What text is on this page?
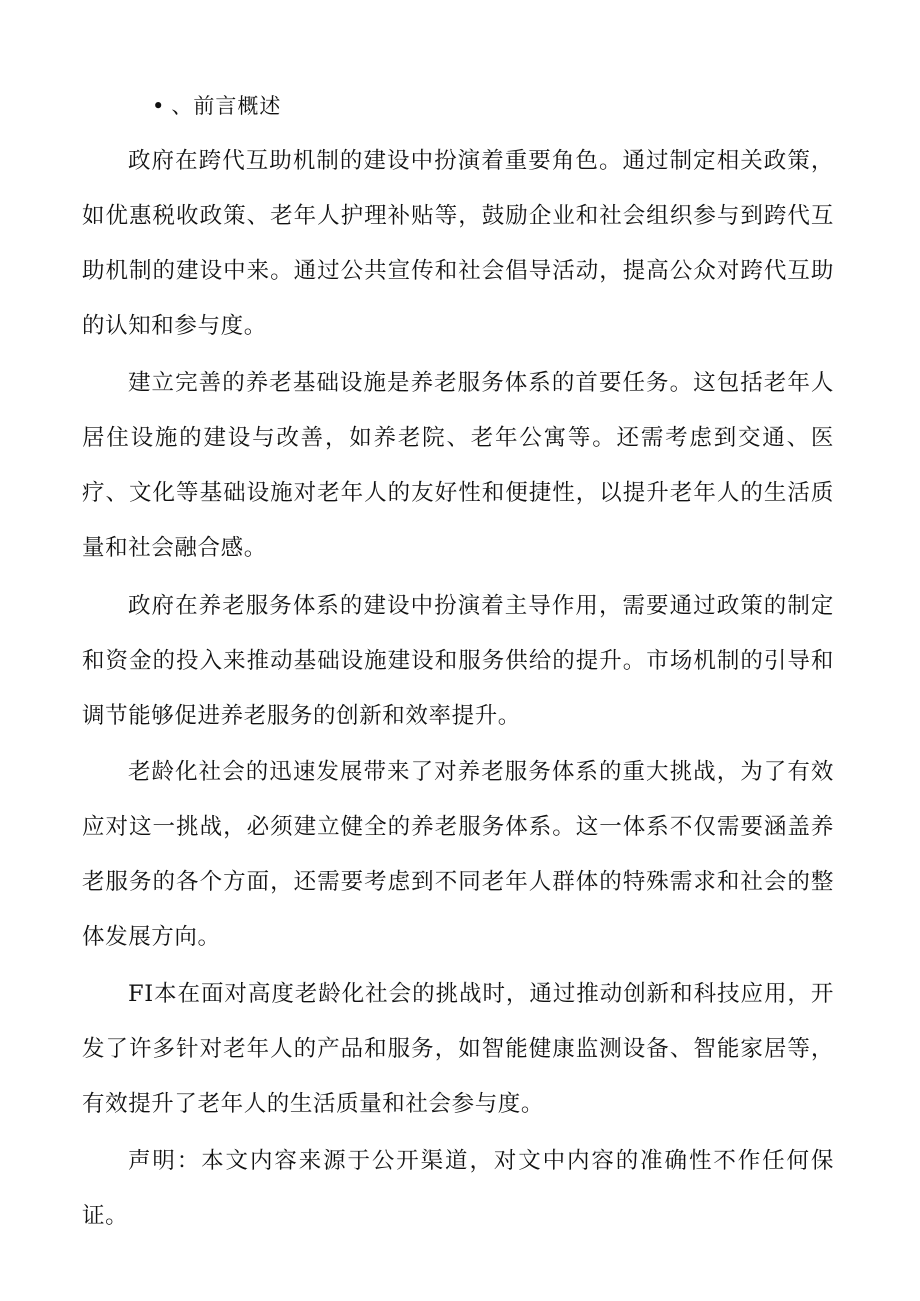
• 、前言概述

政府在跨代互助机制的建设中扮演着重要角色。通过制定相关政策，如优惠税收政策、老年人护理补贴等，鼓励企业和社会组织参与到跨代互助机制的建设中来。通过公共宣传和社会倡导活动，提高公众对跨代互助的认知和参与度。

建立完善的养老基础设施是养老服务体系的首要任务。这包括老年人居住设施的建设与改善，如养老院、老年公寓等。还需考虑到交通、医疗、文化等基础设施对老年人的友好性和便捷性，以提升老年人的生活质量和社会融合感。

政府在养老服务体系的建设中扮演着主导作用，需要通过政策的制定和资金的投入来推动基础设施建设和服务供给的提升。市场机制的引导和调节能够促进养老服务的创新和效率提升。

老龄化社会的迅速发展带来了对养老服务体系的重大挑战，为了有效应对这一挑战，必须建立健全的养老服务体系。这一体系不仅需要涵盖养老服务的各个方面，还需要考虑到不同老年人群体的特殊需求和社会的整体发展方向。

FI本在面对高度老龄化社会的挑战时，通过推动创新和科技应用，开发了许多针对老年人的产品和服务，如智能健康监测设备、智能家居等，有效提升了老年人的生活质量和社会参与度。

声明：本文内容来源于公开渠道，对文中内容的准确性不作任何保证。
